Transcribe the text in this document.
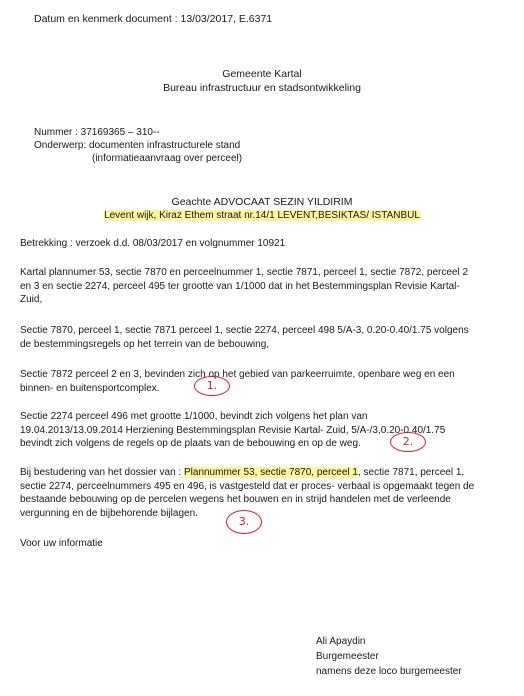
Datum en kenmerk document : 13/03/2017, E.6371

Gemeente Kartal

Bureau infrastructuur en stadsontwikkeling

Nummer : 37169365 – 310--

Onderwerp: documenten infrastructurele stand

(informatieaanvraag over perceel)

Geachte ADVOCAAT SEZIN YILDIRIM

Levent wijk, Kiraz Ethem straat nr.14/1 LEVENT,BESIKTAS/ ISTANBUL

Betrekking : verzoek d.d. 08/03/2017 en volgnummer 10921

Kartal plannumer 53, sectie 7870 en perceelnummer 1, sectie 7871, perceel 1, sectie 7872, perceel 2

en 3 en sectie 2274, perceel 495 ter grootte van 1/1000 dat in het Bestemmingsplan Revisie Kartal-

Zuid,

Sectie 7870, perceel 1, sectie 7871 perceel 1, sectie 2274, perceel 498 5/A-3, 0.20-0.40/1.75 volgens

de bestemmingsregels op het terrein van de bebouwing,

Sectie 7872 perceel 2 en 3, bevinden zich op het gebied van parkeerruimte, openbare weg en een

binnen- en buitensportcomplex.

Sectie 2274 perceel 496 met grootte 1/1000, bevindt zich volgens het plan van

19.04.2013/13.09.2014 Herziening Bestemmingsplan Revisie Kartal- Zuid, 5/A-/3,0.20-0.40/1.75

bevindt zich volgens de regels op de plaats van de bebouwing en op de weg.

Bij bestudering van het dossier van : Plannummer 53, sectie 7870, perceel 1, sectie 7871, perceel 1,

sectie 2274, perceelnummers 495 en 496, is vastgesteld dat er proces- verbaal is opgemaakt tegen de

bestaande bebouwing op de percelen wegens het bouwen en in strijd handelen met de verleende

vergunning en de bijbehorende bijlagen.

Voor uw informatie

Ali Apaydin

Burgemeester

namens deze loco burgemeester

1.
2.
3.
